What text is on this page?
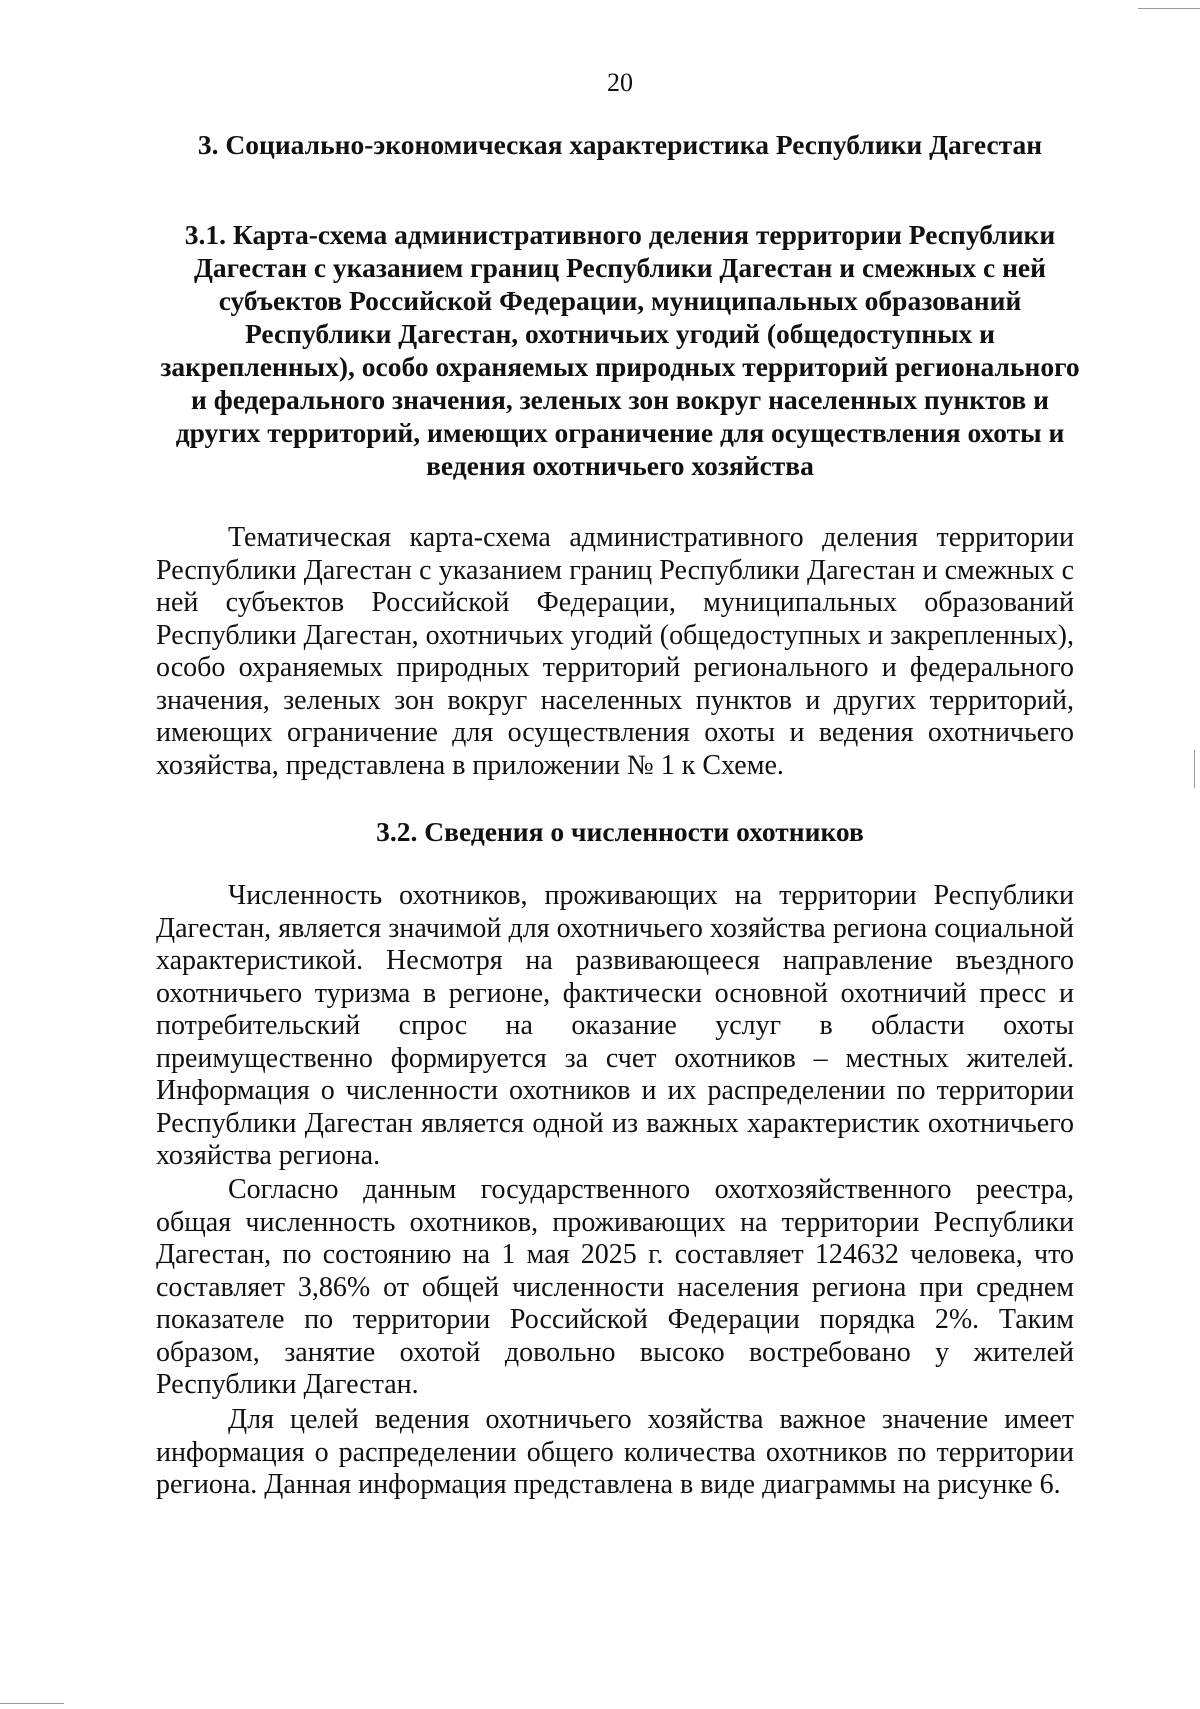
20
3. Социально-экономическая характеристика Республики Дагестан
3.1. Карта-схема административного деления территории Республики Дагестан с указанием границ Республики Дагестан и смежных с ней субъектов Российской Федерации, муниципальных образований Республики Дагестан, охотничьих угодий (общедоступных и закрепленных), особо охраняемых природных территорий регионального и федерального значения, зеленых зон вокруг населенных пунктов и других территорий, имеющих ограничение для осуществления охоты и ведения охотничьего хозяйства

Тематическая карта-схема административного деления территории Республики Дагестан с указанием границ Республики Дагестан и смежных с ней субъектов Российской Федерации, муниципальных образований Республики Дагестан, охотничьих угодий (общедоступных и закрепленных), особо охраняемых природных территорий регионального и федерального значения, зеленых зон вокруг населенных пунктов и других территорий, имеющих ограничение для осуществления охоты и ведения охотничьего хозяйства, представлена в приложении № 1 к Схеме.

3.2. Сведения о численности охотников

Численность охотников, проживающих на территории Республики Дагестан, является значимой для охотничьего хозяйства региона социальной характеристикой. Несмотря на развивающееся направление въездного охотничьего туризма в регионе, фактически основной охотничий пресс и потребительский спрос на оказание услуг в области охоты преимущественно формируется за счет охотников – местных жителей. Информация о численности охотников и их распределении по территории Республики Дагестан является одной из важных характеристик охотничьего хозяйства региона.

Согласно данным государственного охотхозяйственного реестра, общая численность охотников, проживающих на территории Республики Дагестан, по состоянию на 1 мая 2025 г. составляет 124632 человека, что составляет 3,86% от общей численности населения региона при среднем показателе по территории Российской Федерации порядка 2%. Таким образом, занятие охотой довольно высоко востребовано у жителей Республики Дагестан.

Для целей ведения охотничьего хозяйства важное значение имеет информация о распределении общего количества охотников по территории региона. Данная информация представлена в виде диаграммы на рисунке 6.
